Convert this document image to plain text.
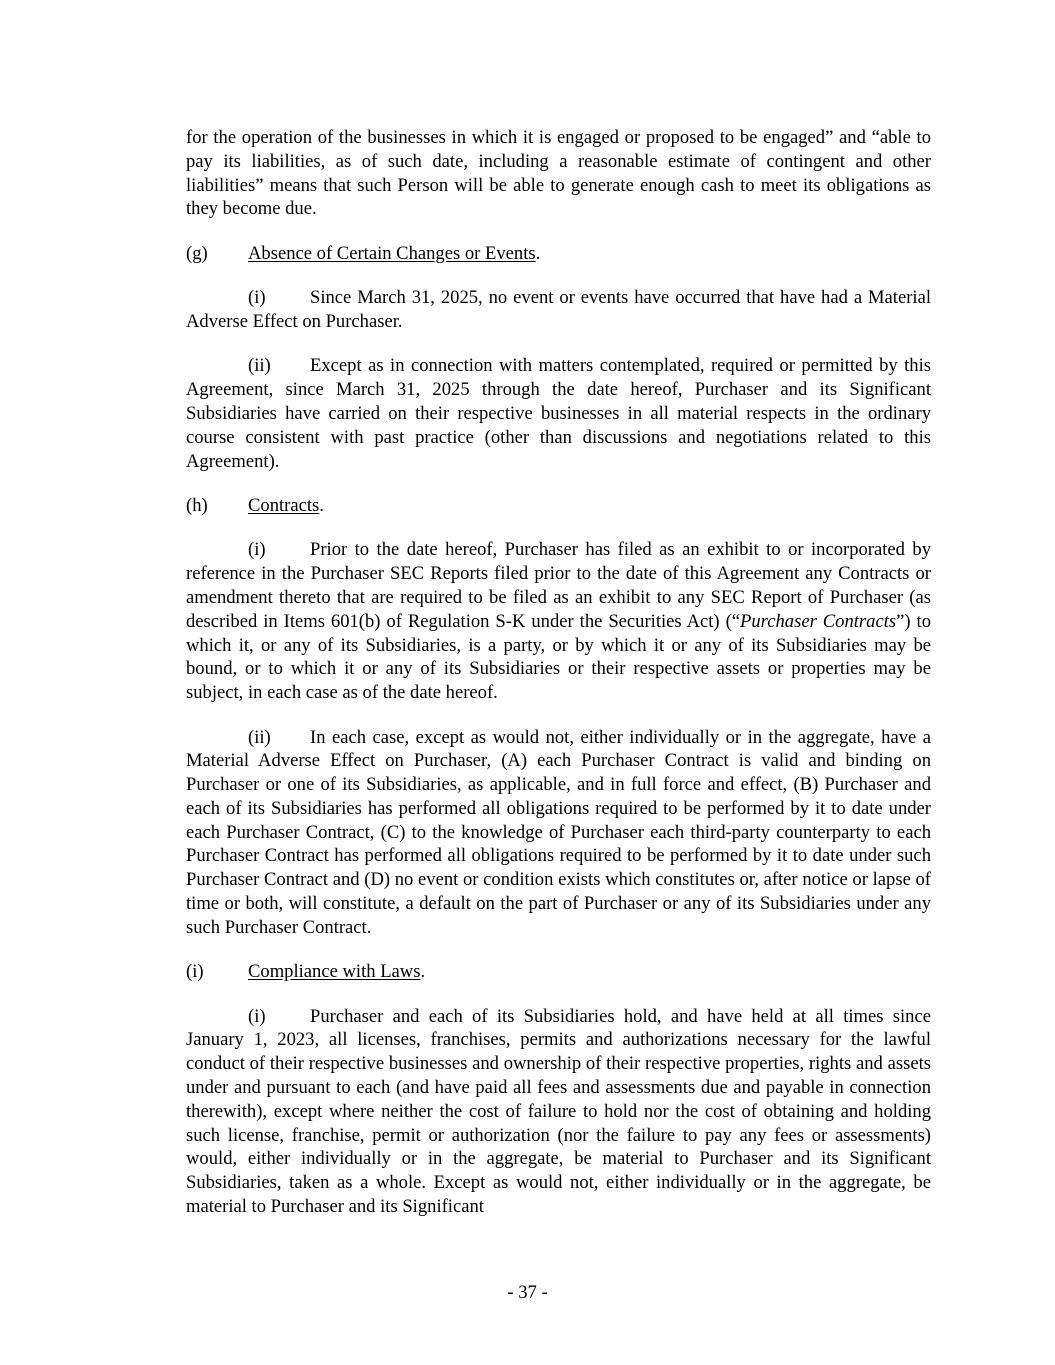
for the operation of the businesses in which it is engaged or proposed to be engaged” and “able to pay its liabilities, as of such date, including a reasonable estimate of contingent and other liabilities” means that such Person will be able to generate enough cash to meet its obligations as they become due.

(g) Absence of Certain Changes or Events.

(i) Since March 31, 2025, no event or events have occurred that have had a Material Adverse Effect on Purchaser.

(ii) Except as in connection with matters contemplated, required or permitted by this Agreement, since March 31, 2025 through the date hereof, Purchaser and its Significant Subsidiaries have carried on their respective businesses in all material respects in the ordinary course consistent with past practice (other than discussions and negotiations related to this Agreement).

(h) Contracts.

(i) Prior to the date hereof, Purchaser has filed as an exhibit to or incorporated by reference in the Purchaser SEC Reports filed prior to the date of this Agreement any Contracts or amendment thereto that are required to be filed as an exhibit to any SEC Report of Purchaser (as described in Items 601(b) of Regulation S-K under the Securities Act) (“Purchaser Contracts”) to which it, or any of its Subsidiaries, is a party, or by which it or any of its Subsidiaries may be bound, or to which it or any of its Subsidiaries or their respective assets or properties may be subject, in each case as of the date hereof.

(ii) In each case, except as would not, either individually or in the aggregate, have a Material Adverse Effect on Purchaser, (A) each Purchaser Contract is valid and binding on Purchaser or one of its Subsidiaries, as applicable, and in full force and effect, (B) Purchaser and each of its Subsidiaries has performed all obligations required to be performed by it to date under each Purchaser Contract, (C) to the knowledge of Purchaser each third-party counterparty to each Purchaser Contract has performed all obligations required to be performed by it to date under such Purchaser Contract and (D) no event or condition exists which constitutes or, after notice or lapse of time or both, will constitute, a default on the part of Purchaser or any of its Subsidiaries under any such Purchaser Contract.

(i) Compliance with Laws.

(i) Purchaser and each of its Subsidiaries hold, and have held at all times since January 1, 2023, all licenses, franchises, permits and authorizations necessary for the lawful conduct of their respective businesses and ownership of their respective properties, rights and assets under and pursuant to each (and have paid all fees and assessments due and payable in connection therewith), except where neither the cost of failure to hold nor the cost of obtaining and holding such license, franchise, permit or authorization (nor the failure to pay any fees or assessments) would, either individually or in the aggregate, be material to Purchaser and its Significant Subsidiaries, taken as a whole. Except as would not, either individually or in the aggregate, be material to Purchaser and its Significant

- 37 -
